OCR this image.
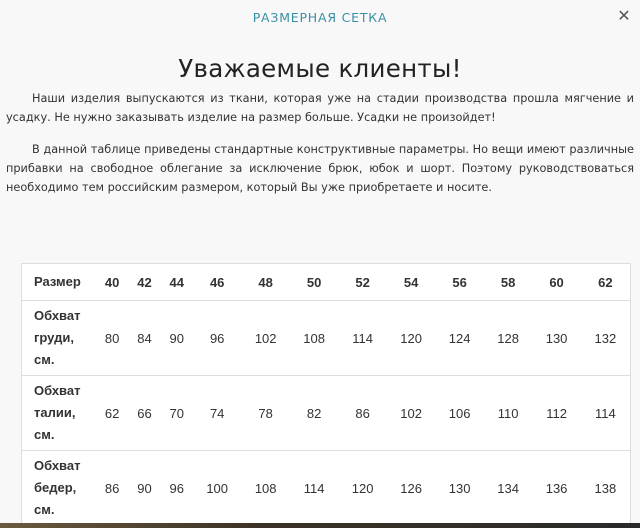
РАЗМЕРНАЯ СЕТКА	✕
Уважаемые клиенты!

Наши изделия выпускаются из ткани, которая уже на стадии производства прошла мягчение и усадку. Не нужно заказывать изделие на размер больше. Усадки не произойдет!

В данной таблице приведены стандартные конструктивные параметры. Но вещи имеют различные прибавки на свободное облегание за исключение брюк, юбок и шорт. Поэтому руководствоваться необходимо тем российским размером, который Вы уже приобретаете и носите.

Размер	40	42	44	46	48	50	52	54	56	58	60	62
Обхват груди, см.	80	84	90	96	102	108	114	120	124	128	130	132
Обхват талии, см.	62	66	70	74	78	82	86	102	106	110	112	114
Обхват бедер, см.	86	90	96	100	108	114	120	126	130	134	136	138
